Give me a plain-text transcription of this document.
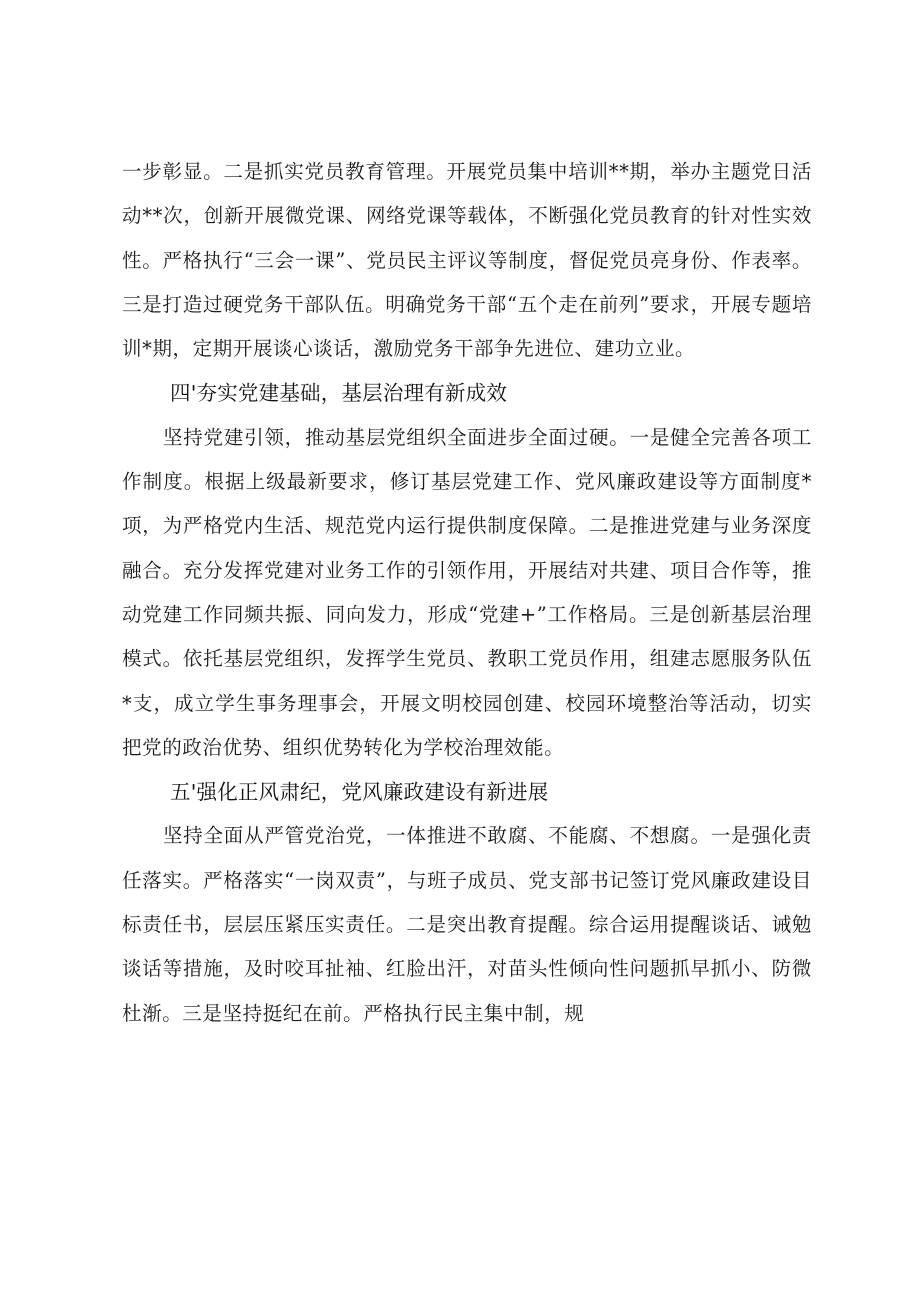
一步彰显。二是抓实党员教育管理。开展党员集中培训**期，举办主题党日活动**次，创新开展微党课、网络党课等载体，不断强化党员教育的针对性实效性。严格执行“三会一课”、党员民主评议等制度，督促党员亮身份、作表率。三是打造过硬党务干部队伍。明确党务干部“五个走在前列”要求，开展专题培训*期，定期开展谈心谈话，激励党务干部争先进位、建功立业。

四'夯实党建基础，基层治理有新成效

坚持党建引领，推动基层党组织全面进步全面过硬。一是健全完善各项工作制度。根据上级最新要求，修订基层党建工作、党风廉政建设等方面制度*项，为严格党内生活、规范党内运行提供制度保障。二是推进党建与业务深度融合。充分发挥党建对业务工作的引领作用，开展结对共建、项目合作等，推动党建工作同频共振、同向发力，形成“党建+”工作格局。三是创新基层治理模式。依托基层党组织，发挥学生党员、教职工党员作用，组建志愿服务队伍*支，成立学生事务理事会，开展文明校园创建、校园环境整治等活动，切实把党的政治优势、组织优势转化为学校治理效能。

五'强化正风肃纪，党风廉政建设有新进展

坚持全面从严管党治党，一体推进不敢腐、不能腐、不想腐。一是强化责任落实。严格落实“一岗双责”，与班子成员、党支部书记签订党风廉政建设目标责任书，层层压紧压实责任。二是突出教育提醒。综合运用提醒谈话、诫勉谈话等措施，及时咬耳扯袖、红脸出汗，对苗头性倾向性问题抓早抓小、防微杜渐。三是坚持挺纪在前。严格执行民主集中制，规
